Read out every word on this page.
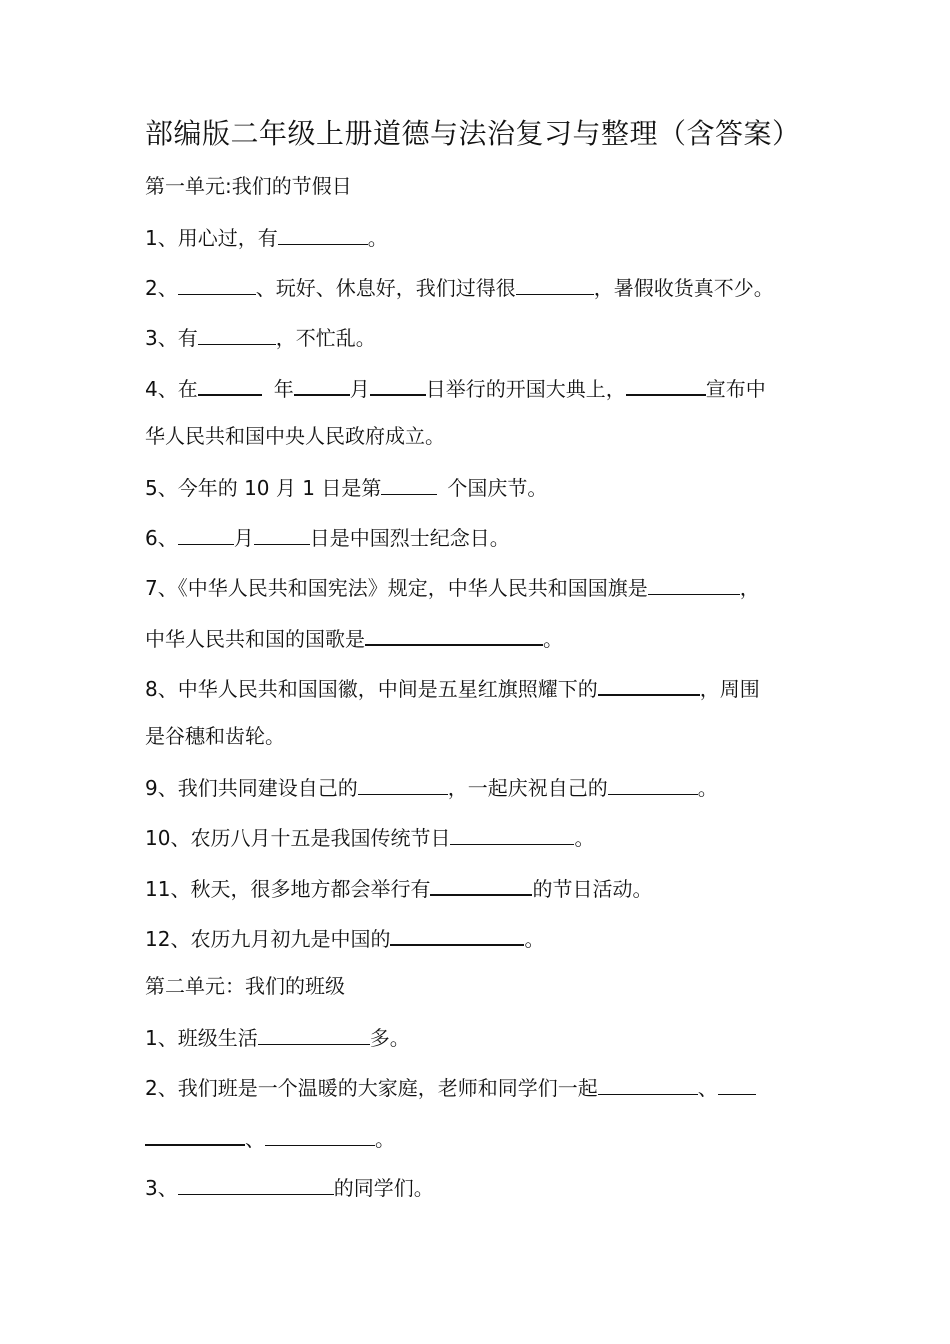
部编版二年级上册道德与法治复习与整理（含答案）
第一单元:我们的节假日
1、用心过，有	。
2、	、玩好、休息好，我们过得很	，暑假收货真不少。
3、有	，不忙乱。
4、在	年	月	日举行的开国大典上，	宣布中
华人民共和国中央人民政府成立。
5、今年的 10 月 1 日是第	个国庆节。
6、	月	日是中国烈士纪念日。
7、《中华人民共和国宪法》规定，中华人民共和国国旗是	，
中华人民共和国的国歌是	。
8、中华人民共和国国徽，中间是五星红旗照耀下的	，周围
是谷穗和齿轮。
9、我们共同建设自己的	，一起庆祝自己的	。
10、农历八月十五是我国传统节日	。
11、秋天，很多地方都会举行有	的节日活动。
12、农历九月初九是中国的	。
第二单元：我们的班级
1、班级生活	多。
2、我们班是一个温暖的大家庭，老师和同学们一起	、
、	。
3、	的同学们。
